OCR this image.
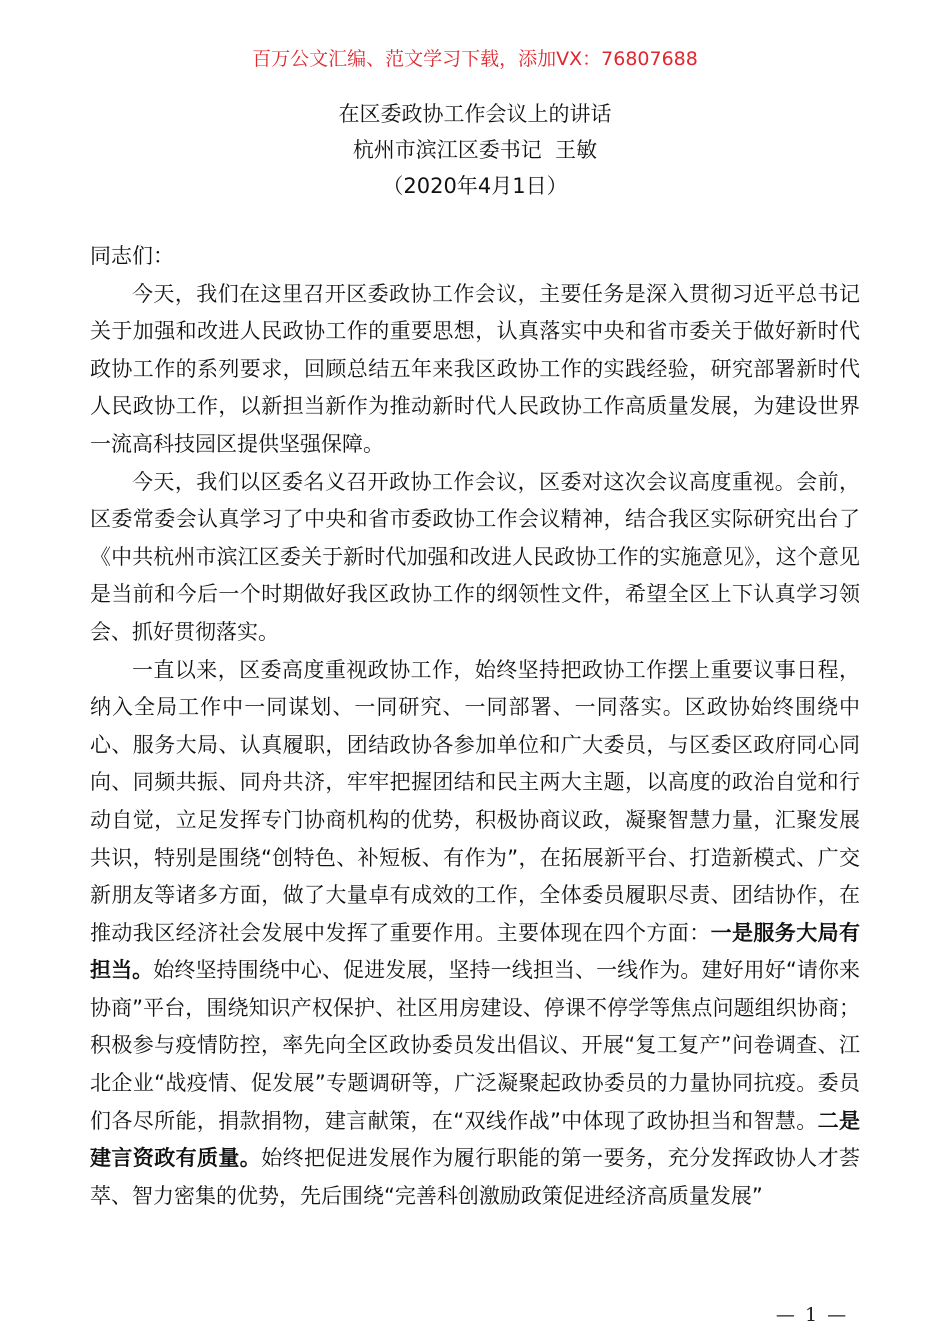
百万公文汇编、范文学习下载，添加VX：76807688
在区委政协工作会议上的讲话
杭州市滨江区委书记  王敏
（2020年4月1日）

同志们：

今天，我们在这里召开区委政协工作会议，主要任务是深入贯彻习近平总书记关于加强和改进人民政协工作的重要思想，认真落实中央和省市委关于做好新时代政协工作的系列要求，回顾总结五年来我区政协工作的实践经验，研究部署新时代人民政协工作，以新担当新作为推动新时代人民政协工作高质量发展，为建设世界一流高科技园区提供坚强保障。

今天，我们以区委名义召开政协工作会议，区委对这次会议高度重视。会前，区委常委会认真学习了中央和省市委政协工作会议精神，结合我区实际研究出台了《中共杭州市滨江区委关于新时代加强和改进人民政协工作的实施意见》，这个意见是当前和今后一个时期做好我区政协工作的纲领性文件，希望全区上下认真学习领会、抓好贯彻落实。

一直以来，区委高度重视政协工作，始终坚持把政协工作摆上重要议事日程，纳入全局工作中一同谋划、一同研究、一同部署、一同落实。区政协始终围绕中心、服务大局、认真履职，团结政协各参加单位和广大委员，与区委区政府同心同向、同频共振、同舟共济，牢牢把握团结和民主两大主题，以高度的政治自觉和行动自觉，立足发挥专门协商机构的优势，积极协商议政，凝聚智慧力量，汇聚发展共识，特别是围绕“创特色、补短板、有作为”，在拓展新平台、打造新模式、广交新朋友等诸多方面，做了大量卓有成效的工作，全体委员履职尽责、团结协作，在推动我区经济社会发展中发挥了重要作用。主要体现在四个方面：一是服务大局有担当。始终坚持围绕中心、促进发展，坚持一线担当、一线作为。建好用好“请你来协商”平台，围绕知识产权保护、社区用房建设、停课不停学等焦点问题组织协商；积极参与疫情防控，率先向全区政协委员发出倡议、开展“复工复产”问卷调查、江北企业“战疫情、促发展”专题调研等，广泛凝聚起政协委员的力量协同抗疫。委员们各尽所能，捐款捐物，建言献策，在“双线作战”中体现了政协担当和智慧。二是建言资政有质量。始终把促进发展作为履行职能的第一要务，充分发挥政协人才荟萃、智力密集的优势，先后围绕“完善科创激励政策促进经济高质量发展”

— 1 —
